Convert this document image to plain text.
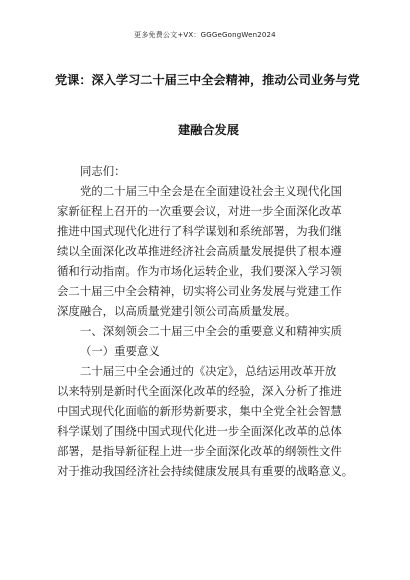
更多免费公文+VX：GGGeGongWen2024
党课：深入学习二十届三中全会精神，推动公司业务与党
建融合发展
同志们：
党的二十届三中全会是在全面建设社会主义现代化国
家新征程上召开的一次重要会议，对进一步全面深化改革
推进中国式现代化进行了科学谋划和系统部署，为我们继
续以全面深化改革推进经济社会高质量发展提供了根本遵
循和行动指南。作为市场化运转企业，我们要深入学习领
会二十届三中全会精神，切实将公司业务发展与党建工作
深度融合，以高质量党建引领公司高质量发展。
一、深刻领会二十届三中全会的重要意义和精神实质
（一）重要意义
二十届三中全会通过的《决定》，总结运用改革开放
以来特别是新时代全面深化改革的经验，深入分析了推进
中国式现代化面临的新形势新要求，集中全党全社会智慧
科学谋划了围绕中国式现代化进一步全面深化改革的总体
部署，是指导新征程上进一步全面深化改革的纲领性文件
对于推动我国经济社会持续健康发展具有重要的战略意义。
